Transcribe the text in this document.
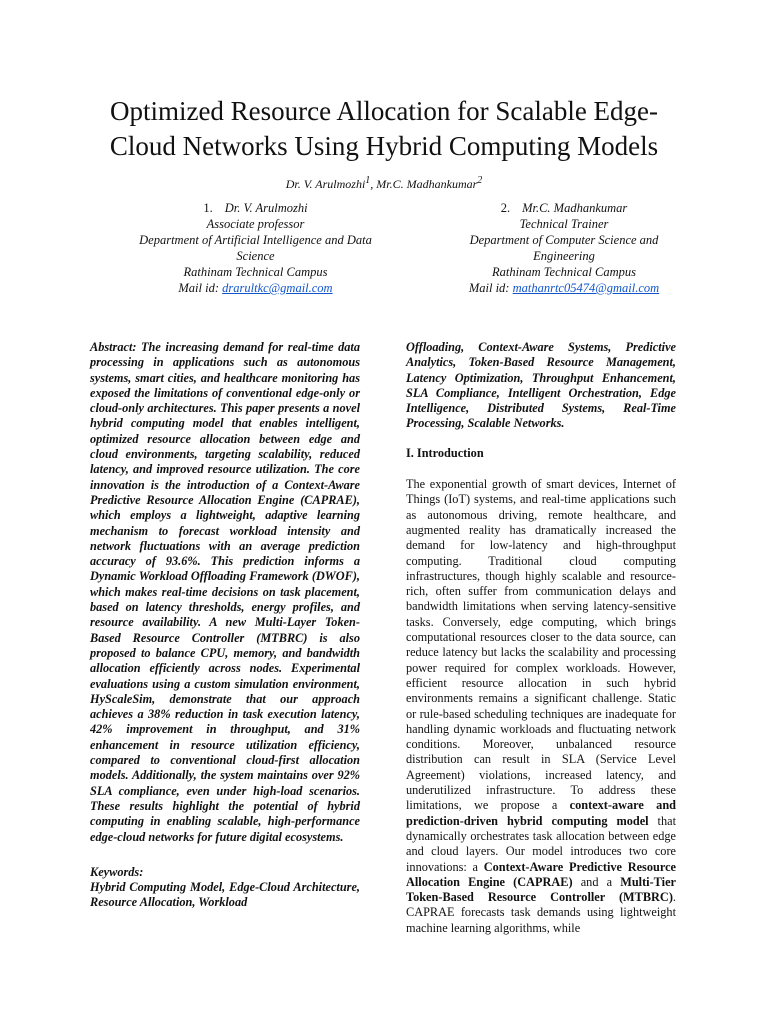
Optimized Resource Allocation for Scalable Edge-Cloud Networks Using Hybrid Computing Models
Dr. V. Arulmozhi$^1$, Mr.C. Madhankumar$^2$
1. Dr. V. Arulmozhi
Associate professor
Department of Artificial Intelligence and Data Science
Rathinam Technical Campus
Mail id: drarultkc@gmail.com
2. Mr.C. Madhankumar
Technical Trainer
Department of Computer Science and Engineering
Rathinam Technical Campus
Mail id: mathanrtc05474@gmail.com

Abstract: The increasing demand for real-time data processing in applications such as autonomous systems, smart cities, and healthcare monitoring has exposed the limitations of conventional edge-only or cloud-only architectures. This paper presents a novel hybrid computing model that enables intelligent, optimized resource allocation between edge and cloud environments, targeting scalability, reduced latency, and improved resource utilization. The core innovation is the introduction of a Context-Aware Predictive Resource Allocation Engine (CAPRAE), which employs a lightweight, adaptive learning mechanism to forecast workload intensity and network fluctuations with an average prediction accuracy of 93.6%. This prediction informs a Dynamic Workload Offloading Framework (DWOF), which makes real-time decisions on task placement, based on latency thresholds, energy profiles, and resource availability. A new Multi-Layer Token-Based Resource Controller (MTBRC) is also proposed to balance CPU, memory, and bandwidth allocation efficiently across nodes. Experimental evaluations using a custom simulation environment, HyScaleSim, demonstrate that our approach achieves a 38% reduction in task execution latency, 42% improvement in throughput, and 31% enhancement in resource utilization efficiency, compared to conventional cloud-first allocation models. Additionally, the system maintains over 92% SLA compliance, even under high-load scenarios. These results highlight the potential of hybrid computing in enabling scalable, high-performance edge-cloud networks for future digital ecosystems.

Keywords:

Hybrid Computing Model, Edge-Cloud Architecture, Resource Allocation, Workload

Offloading, Context-Aware Systems, Predictive Analytics, Token-Based Resource Management, Latency Optimization, Throughput Enhancement, SLA Compliance, Intelligent Orchestration, Edge Intelligence, Distributed Systems, Real-Time Processing, Scalable Networks.

I. Introduction

The exponential growth of smart devices, Internet of Things (IoT) systems, and real-time applications such as autonomous driving, remote healthcare, and augmented reality has dramatically increased the demand for low-latency and high-throughput computing. Traditional cloud computing infrastructures, though highly scalable and resource-rich, often suffer from communication delays and bandwidth limitations when serving latency-sensitive tasks. Conversely, edge computing, which brings computational resources closer to the data source, can reduce latency but lacks the scalability and processing power required for complex workloads. However, efficient resource allocation in such hybrid environments remains a significant challenge. Static or rule-based scheduling techniques are inadequate for handling dynamic workloads and fluctuating network conditions. Moreover, unbalanced resource distribution can result in SLA (Service Level Agreement) violations, increased latency, and underutilized infrastructure. To address these limitations, we propose a context-aware and prediction-driven hybrid computing model that dynamically orchestrates task allocation between edge and cloud layers. Our model introduces two core innovations: a Context-Aware Predictive Resource Allocation Engine (CAPRAE) and a Multi-Tier Token-Based Resource Controller (MTBRC). CAPRAE forecasts task demands using lightweight machine learning algorithms, while
